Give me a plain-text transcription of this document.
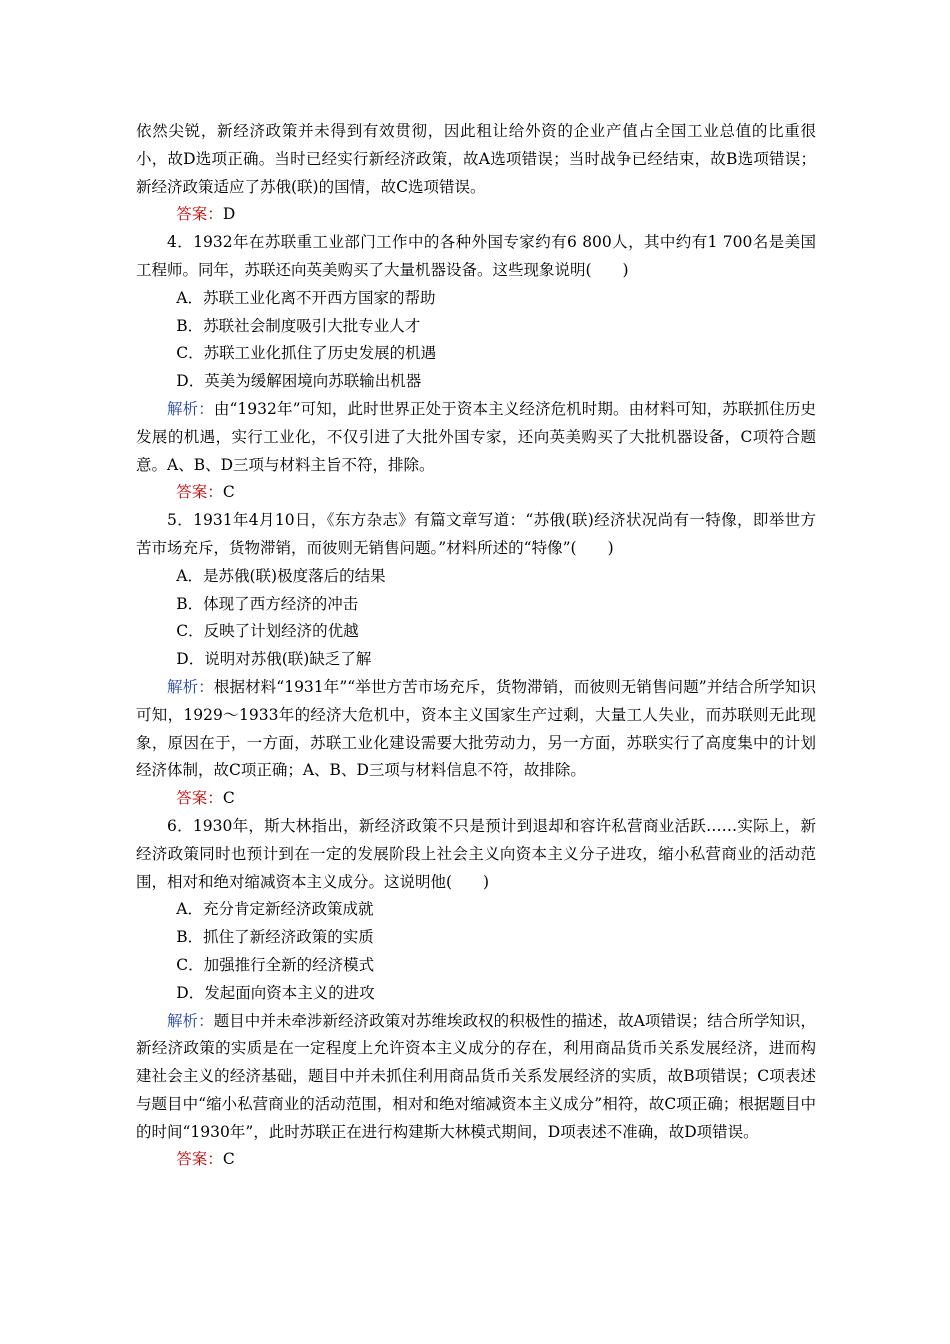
依然尖锐，新经济政策并未得到有效贯彻，因此租让给外资的企业产值占全国工业总值的比重很小，故D选项正确。当时已经实行新经济政策，故A选项错误；当时战争已经结束，故B选项错误；新经济政策适应了苏俄(联)的国情，故C选项错误。

答案：D

4．1932年在苏联重工业部门工作中的各种外国专家约有6 800人，其中约有1 700名是美国工程师。同年，苏联还向英美购买了大量机器设备。这些现象说明(　　)

A．苏联工业化离不开西方国家的帮助

B．苏联社会制度吸引大批专业人才

C．苏联工业化抓住了历史发展的机遇

D．英美为缓解困境向苏联输出机器

解析：由“1932年”可知，此时世界正处于资本主义经济危机时期。由材料可知，苏联抓住历史发展的机遇，实行工业化，不仅引进了大批外国专家，还向英美购买了大批机器设备，C项符合题意。A、B、D三项与材料主旨不符，排除。

答案：C

5．1931年4月10日，《东方杂志》有篇文章写道：“苏俄(联)经济状况尚有一特像，即举世方苦市场充斥，货物滞销，而彼则无销售问题。”材料所述的“特像”(　　)

A．是苏俄(联)极度落后的结果

B．体现了西方经济的冲击

C．反映了计划经济的优越

D．说明对苏俄(联)缺乏了解

解析：根据材料“1931年”“举世方苦市场充斥，货物滞销，而彼则无销售问题”并结合所学知识可知，1929～1933年的经济大危机中，资本主义国家生产过剩，大量工人失业，而苏联则无此现象，原因在于，一方面，苏联工业化建设需要大批劳动力，另一方面，苏联实行了高度集中的计划经济体制，故C项正确；A、B、D三项与材料信息不符，故排除。

答案：C

6．1930年，斯大林指出，新经济政策不只是预计到退却和容许私营商业活跃……实际上，新经济政策同时也预计到在一定的发展阶段上社会主义向资本主义分子进攻，缩小私营商业的活动范围，相对和绝对缩减资本主义成分。这说明他(　　)

A．充分肯定新经济政策成就

B．抓住了新经济政策的实质

C．加强推行全新的经济模式

D．发起面向资本主义的进攻

解析：题目中并未牵涉新经济政策对苏维埃政权的积极性的描述，故A项错误；结合所学知识，新经济政策的实质是在一定程度上允许资本主义成分的存在，利用商品货币关系发展经济，进而构建社会主义的经济基础，题目中并未抓住利用商品货币关系发展经济的实质，故B项错误；C项表述与题目中“缩小私营商业的活动范围，相对和绝对缩减资本主义成分”相符，故C项正确；根据题目中的时间“1930年”，此时苏联正在进行构建斯大林模式期间，D项表述不准确，故D项错误。

答案：C
